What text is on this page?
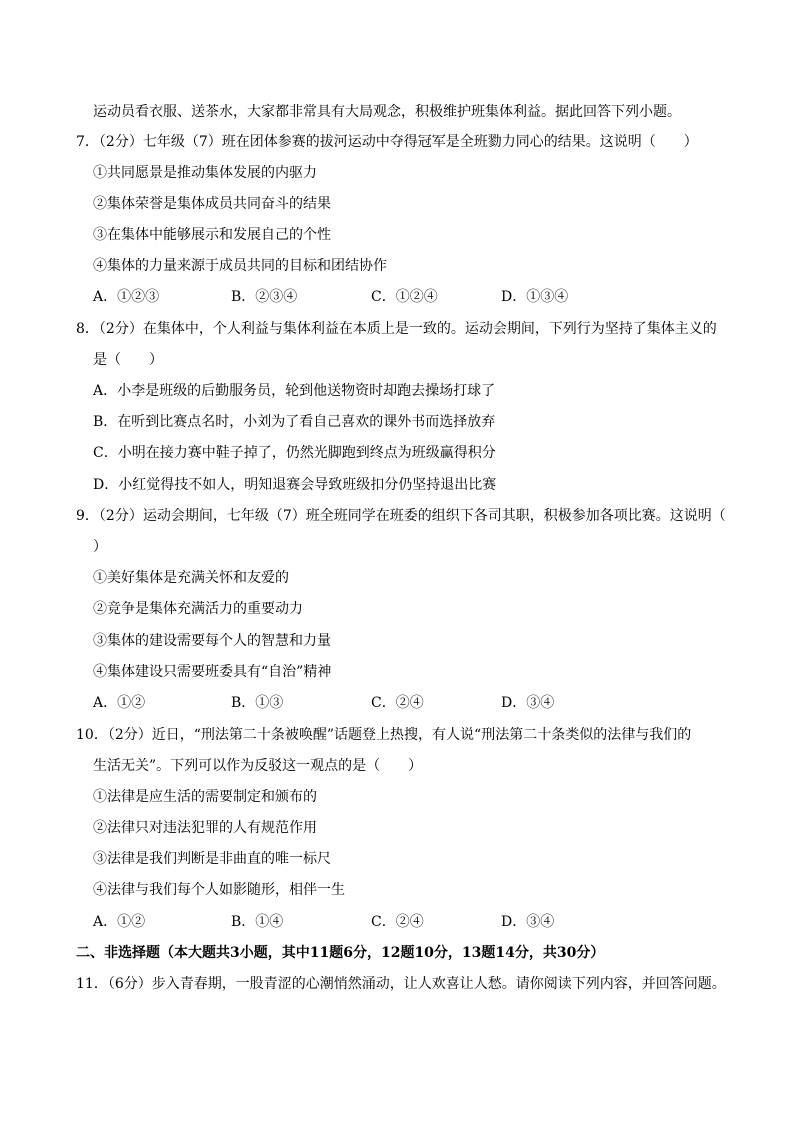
运动员看衣服、送茶水，大家都非常具有大局观念，积极维护班集体利益。据此回答下列小题。
7．（2分）七年级（7）班在团体参赛的拔河运动中夺得冠军是全班勠力同心的结果。这说明（　　）
①共同愿景是推动集体发展的内驱力
②集体荣誉是集体成员共同奋斗的结果
③在集体中能够展示和发展自己的个性
④集体的力量来源于成员共同的目标和团结协作
A．①②③	B．②③④	C．①②④	D．①③④
8．（2分）在集体中，个人利益与集体利益在本质上是一致的。运动会期间，下列行为坚持了集体主义的
是（　　）
A．小李是班级的后勤服务员，轮到他送物资时却跑去操场打球了
B．在听到比赛点名时，小刘为了看自己喜欢的课外书而选择放弃
C．小明在接力赛中鞋子掉了，仍然光脚跑到终点为班级赢得积分
D．小红觉得技不如人，明知退赛会导致班级扣分仍坚持退出比赛
9．（2分）运动会期间，七年级（7）班全班同学在班委的组织下各司其职，积极参加各项比赛。这说明（
）
①美好集体是充满关怀和友爱的
②竞争是集体充满活力的重要动力
③集体的建设需要每个人的智慧和力量
④集体建设只需要班委具有“自治”精神
A．①②	B．①③	C．②④	D．③④
10．（2分）近日，“刑法第二十条被唤醒”话题登上热搜，有人说“刑法第二十条类似的法律与我们的
生活无关”。下列可以作为反驳这一观点的是（　　）
①法律是应生活的需要制定和颁布的
②法律只对违法犯罪的人有规范作用
③法律是我们判断是非曲直的唯一标尺
④法律与我们每个人如影随形，相伴一生
A．①②	B．①④	C．②④	D．③④
二、非选择题（本大题共3小题，其中11题6分，12题10分，13题14分，共30分）
11．（6分）步入青春期，一股青涩的心潮悄然涌动，让人欢喜让人愁。请你阅读下列内容，并回答问题。
